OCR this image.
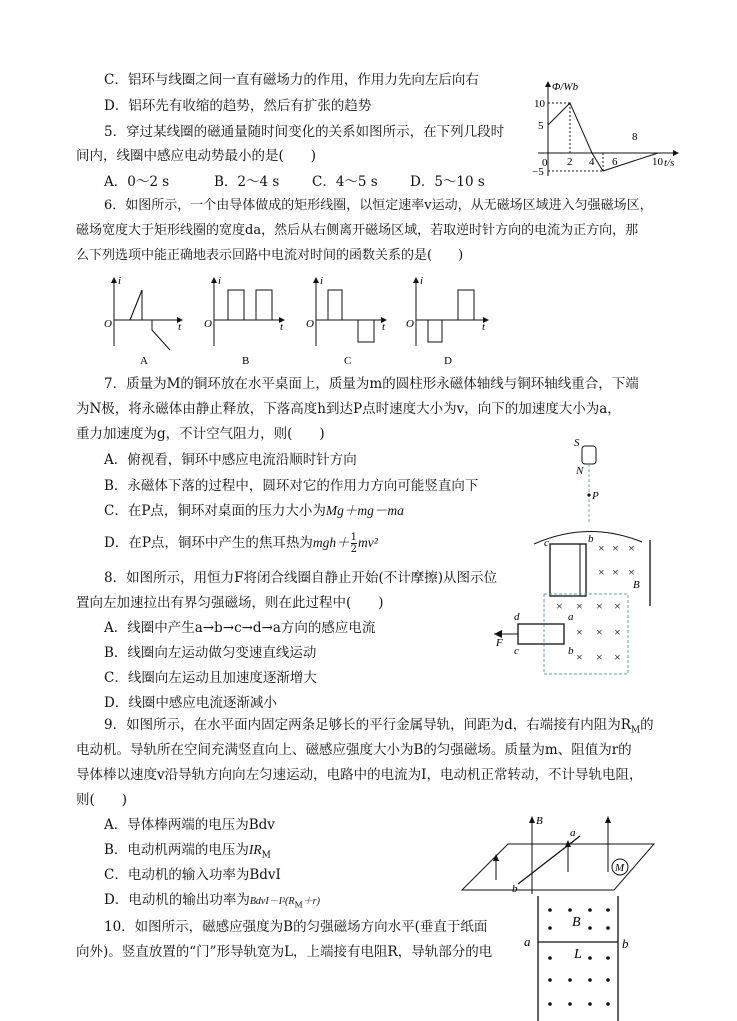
C．铝环与线圈之间一直有磁场力的作用，作用力先向左后向右
D．铝环先有收缩的趋势，然后有扩张的趋势
5．穿过某线圈的磁通量随时间变化的关系如图所示，在下列几段时
间内，线圈中感应电动势最小的是(　　)
A．0～2 s	B．2～4 s C．4～5 s D．5～10 s
Φ/Wb
t/s
10
5
0
−5
2 4 6
8
10
6．如图所示，一个由导体做成的矩形线圈，以恒定速率v运动，从无磁场区域进入匀强磁场区，
磁场宽度大于矩形线圈的宽度da，然后从右侧离开磁场区域，若取逆时针方向的电流为正方向，那
么下列选项中能正确地表示回路中电流对时间的函数关系的是(　　)
O
i
t
A
O
i
t
B
O
i
t
C
O
i
t
D
7．质量为M的铜环放在水平桌面上，质量为m的圆柱形永磁体轴线与铜环轴线重合，下端
为N极，将永磁体由静止释放，下落高度h到达P点时速度大小为v，向下的加速度大小为a，
重力加速度为g，不计空气阻力，则(　　)
A．俯视看，铜环中感应电流沿顺时针方向
B．永磁体下落的过程中，圆环对它的作用力方向可能竖直向下
C．在P点，铜环对桌面的压力大小为Mg＋mg－ma
D．在P点，铜环中产生的焦耳热为$mgh+ \frac{1}{2} mv^2$
S
N
P
8．如图所示，用恒力F将闭合线圈自静止开始(不计摩擦)从图示位
置向左加速拉出有界匀强磁场，则在此过程中(　　)
A．线圈中产生a→b→c→d→a方向的感应电流
B．线圈向左运动做匀变速直线运动
C．线圈向左运动且加速度逐渐增大
D．线圈中感应电流逐渐减小
c	b
× × ×
× × ×
B
× × × ×
× × ×
× × ×
d	a
c	b
F
9．如图所示，在水平面内固定两条足够长的平行金属导轨，间距为d，右端接有内阻为$R_M$的
电动机。导轨所在空间充满竖直向上、磁感应强度大小为B的匀强磁场。质量为m、阻值为r的
导体棒以速度v沿导轨方向向左匀速运动，电路中的电流为I，电动机正常转动，不计导轨电阻，
则(　　)
A．导体棒两端的电压为Bdv
B．电动机两端的电压为$IR_M$
C．电动机的输入功率为BdvI
D．电动机的输出功率为$BdvI-I^2(R_M+r)$
M
B
a
b
10．如图所示，磁感应强度为B的匀强磁场方向水平(垂直于纸面
向外)。竖直放置的“门”形导轨宽为L，上端接有电阻R，导轨部分的电
B
L
a	b
